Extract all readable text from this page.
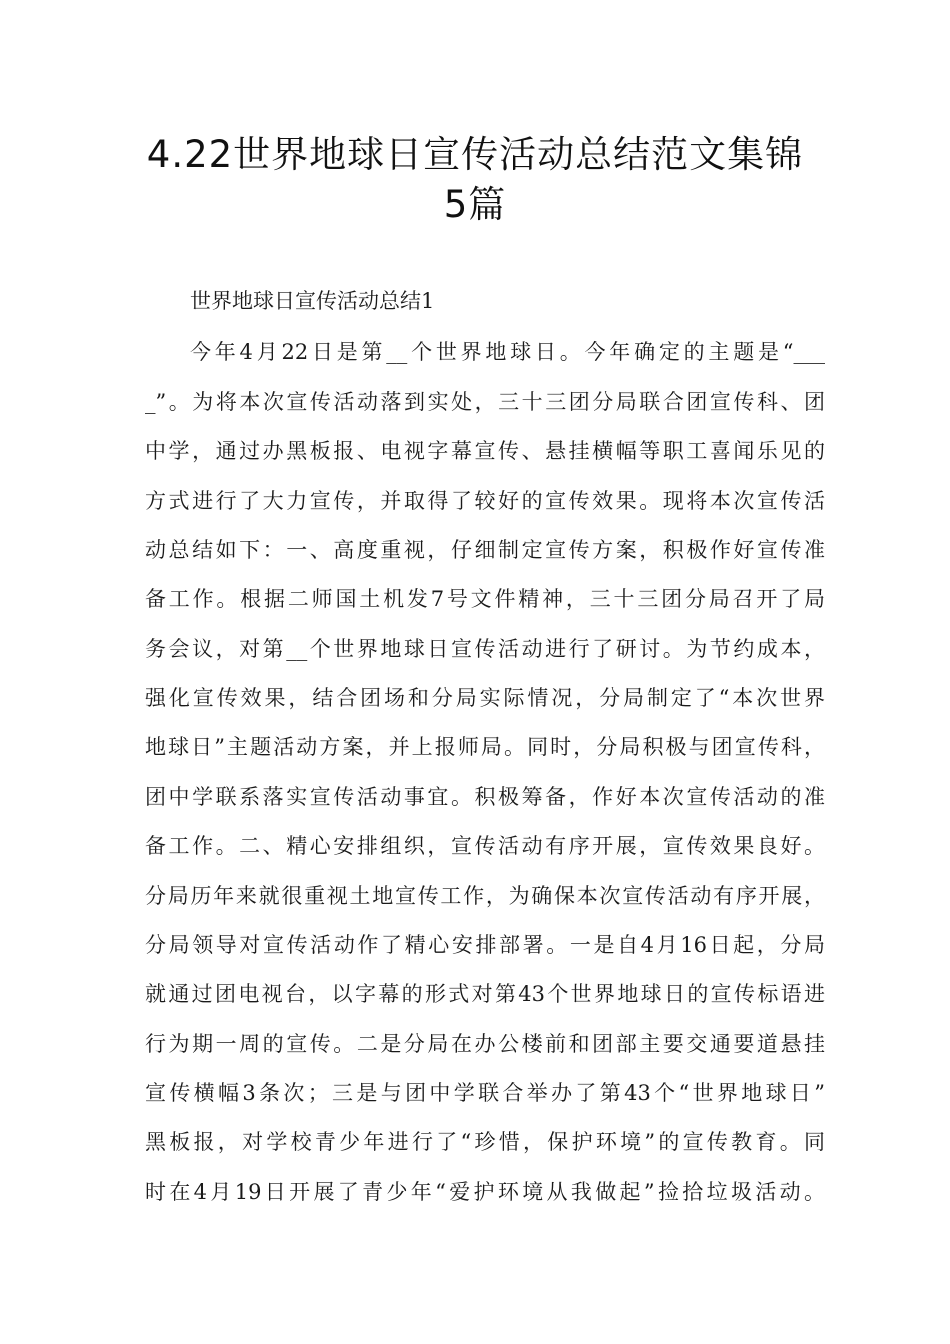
4.22世界地球日宣传活动总结范文集锦
5篇

世界地球日宣传活动总结1

今年4月22日是第__个世界地球日。今年确定的主题是“___

_”。为将本次宣传活动落到实处，三十三团分局联合团宣传科、团

中学，通过办黑板报、电视字幕宣传、悬挂横幅等职工喜闻乐见的

方式进行了大力宣传，并取得了较好的宣传效果。现将本次宣传活

动总结如下：一、高度重视，仔细制定宣传方案，积极作好宣传准

备工作。根据二师国土机发7号文件精神，三十三团分局召开了局

务会议，对第__个世界地球日宣传活动进行了研讨。为节约成本，

强化宣传效果，结合团场和分局实际情况，分局制定了“本次世界

地球日”主题活动方案，并上报师局。同时，分局积极与团宣传科，

团中学联系落实宣传活动事宜。积极筹备，作好本次宣传活动的准

备工作。二、精心安排组织，宣传活动有序开展，宣传效果良好。

分局历年来就很重视土地宣传工作，为确保本次宣传活动有序开展，

分局领导对宣传活动作了精心安排部署。一是自4月16日起，分局

就通过团电视台，以字幕的形式对第43个世界地球日的宣传标语进

行为期一周的宣传。二是分局在办公楼前和团部主要交通要道悬挂

宣传横幅3条次；三是与团中学联合举办了第43个“世界地球日”

黑板报，对学校青少年进行了“珍惜，保护环境”的宣传教育。同

时在4月19日开展了青少年“爱护环境从我做起”捡拾垃圾活动。
